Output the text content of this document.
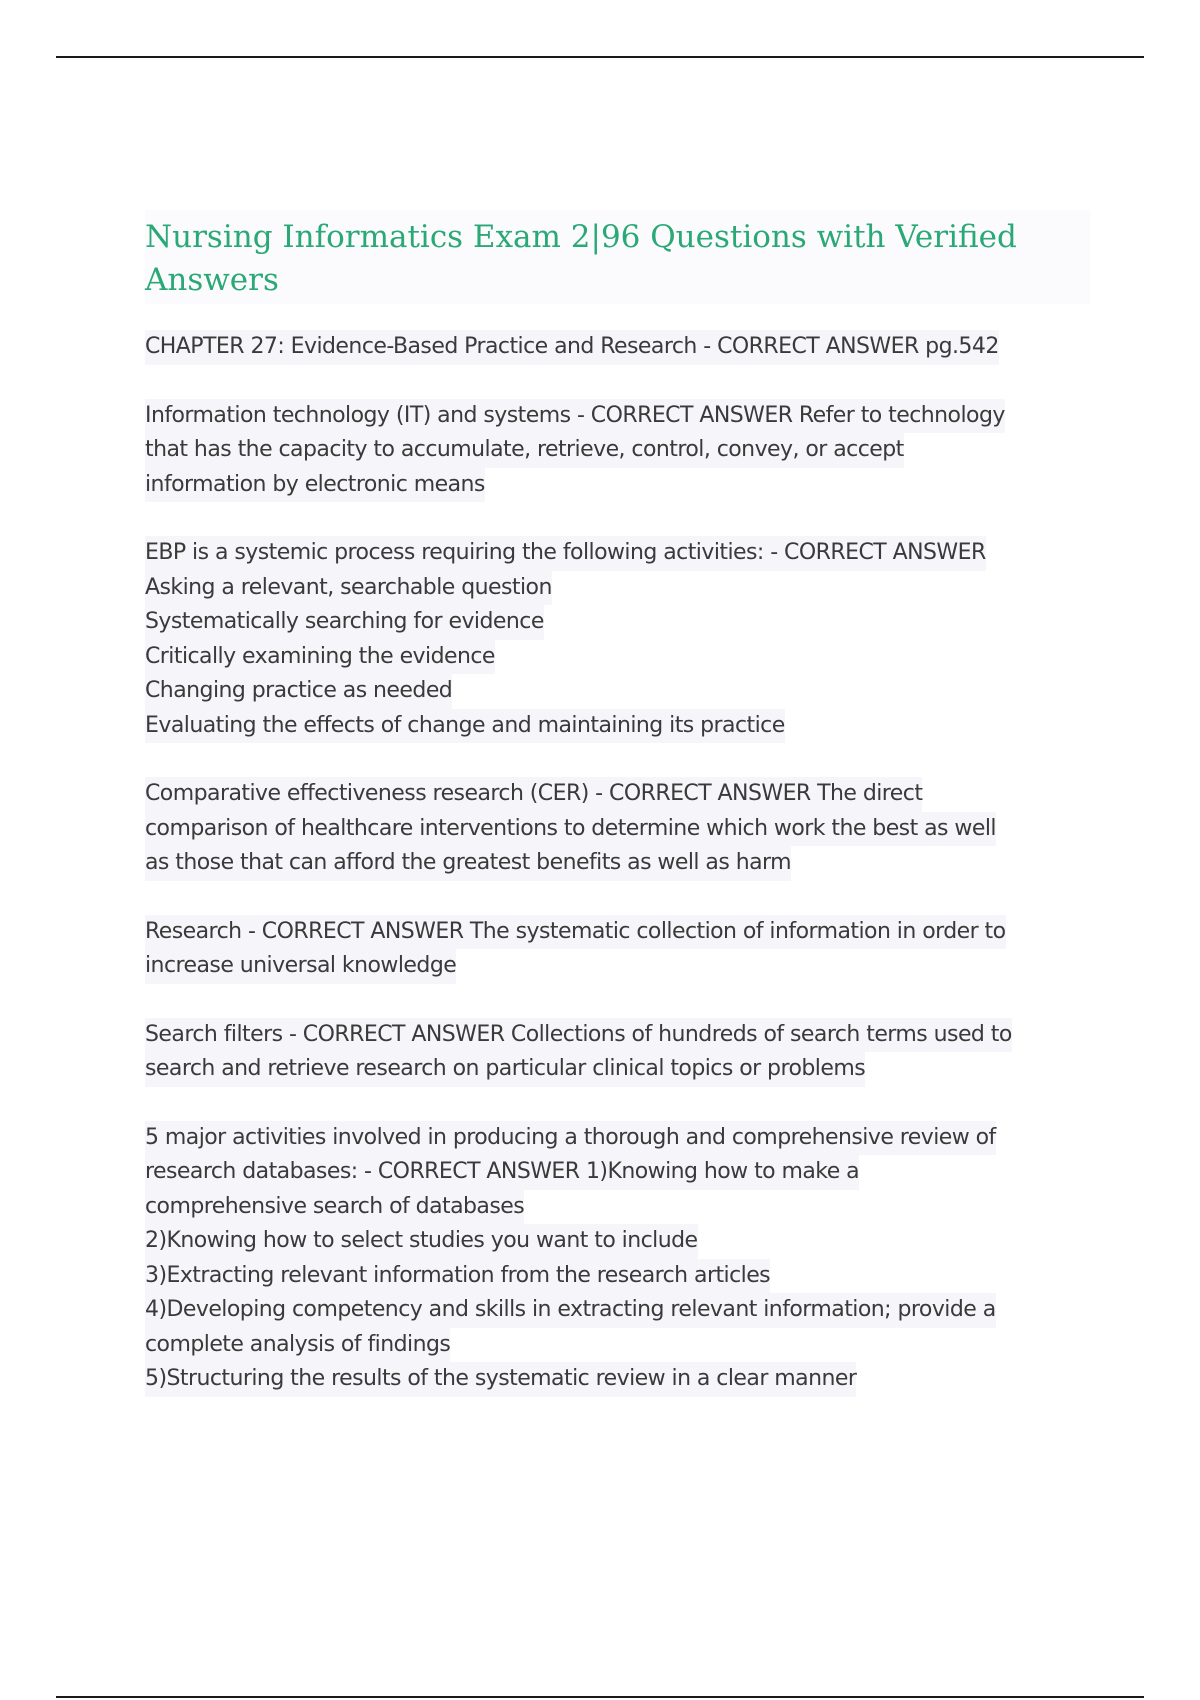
Nursing Informatics Exam 2|96 Questions with Verified Answers
CHAPTER 27: Evidence-Based Practice and Research - CORRECT ANSWER pg.542
Information technology (IT) and systems - CORRECT ANSWER Refer to technology
that has the capacity to accumulate, retrieve, control, convey, or accept
information by electronic means
EBP is a systemic process requiring the following activities: - CORRECT ANSWER
Asking a relevant, searchable question
Systematically searching for evidence
Critically examining the evidence
Changing practice as needed
Evaluating the effects of change and maintaining its practice
Comparative effectiveness research (CER) - CORRECT ANSWER The direct
comparison of healthcare interventions to determine which work the best as well
as those that can afford the greatest benefits as well as harm
Research - CORRECT ANSWER The systematic collection of information in order to
increase universal knowledge
Search filters - CORRECT ANSWER Collections of hundreds of search terms used to
search and retrieve research on particular clinical topics or problems
5 major activities involved in producing a thorough and comprehensive review of
research databases: - CORRECT ANSWER 1)Knowing how to make a
comprehensive search of databases
2)Knowing how to select studies you want to include
3)Extracting relevant information from the research articles
4)Developing competency and skills in extracting relevant information; provide a
complete analysis of findings
5)Structuring the results of the systematic review in a clear manner
